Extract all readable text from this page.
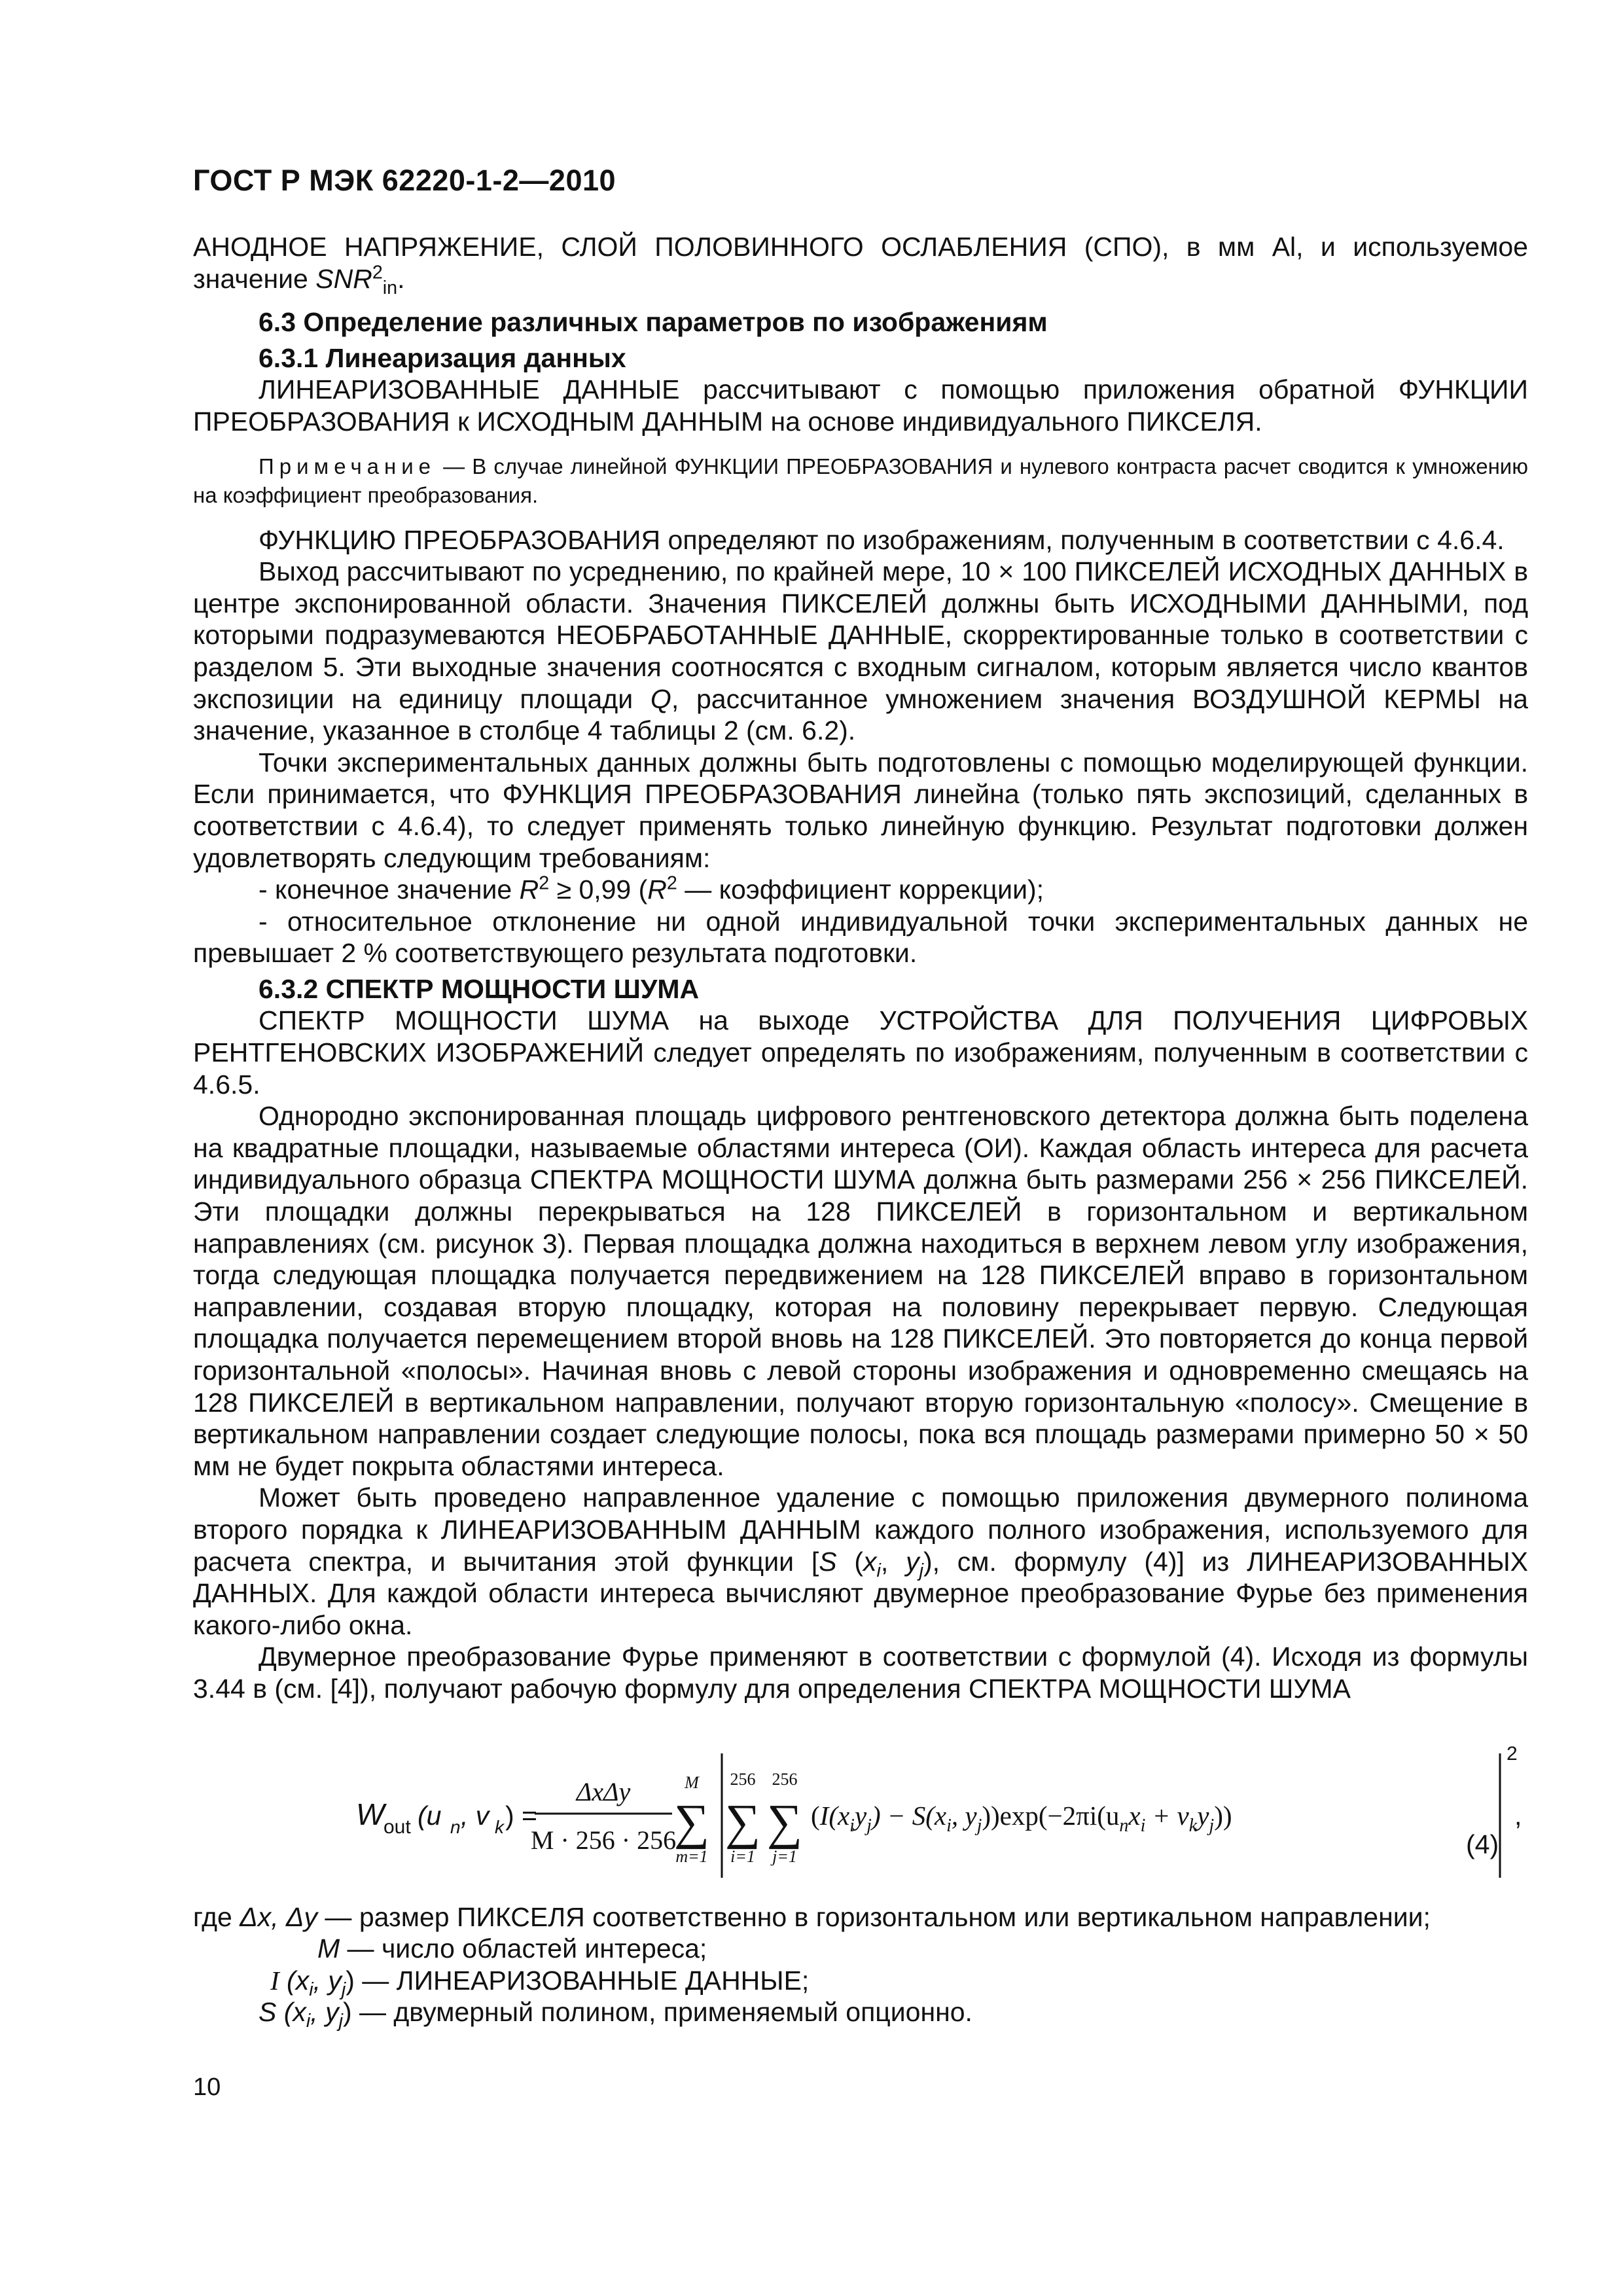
ГОСТ Р МЭК 62220-1-2—2010

АНОДНОЕ НАПРЯЖЕНИЕ, СЛОЙ ПОЛОВИННОГО ОСЛАБЛЕНИЯ (СПО), в мм Al, и используемое значение $SNR^2_{in}$.

6.3 Определение различных параметров по изображениям

6.3.1 Линеаризация данных

ЛИНЕАРИЗОВАННЫЕ ДАННЫЕ рассчитывают с помощью приложения обратной ФУНКЦИИ ПРЕОБРАЗОВАНИЯ к ИСХОДНЫМ ДАННЫМ на основе индивидуального ПИКСЕЛЯ.

Примечание — В случае линейной ФУНКЦИИ ПРЕОБРАЗОВАНИЯ и нулевого контраста расчет сводится к умножению на коэффициент преобразования.

ФУНКЦИЮ ПРЕОБРАЗОВАНИЯ определяют по изображениям, полученным в соответствии с 4.6.4.

Выход рассчитывают по усреднению, по крайней мере, 10 × 100 ПИКСЕЛЕЙ ИСХОДНЫХ ДАННЫХ в центре экспонированной области. Значения ПИКСЕЛЕЙ должны быть ИСХОДНЫМИ ДАННЫМИ, под которыми подразумеваются НЕОБРАБОТАННЫЕ ДАННЫЕ, скорректированные только в соответствии с разделом 5. Эти выходные значения соотносятся с входным сигналом, которым является число квантов экспозиции на единицу площади Q, рассчитанное умножением значения ВОЗДУШНОЙ КЕРМЫ на значение, указанное в столбце 4 таблицы 2 (см. 6.2).

Точки экспериментальных данных должны быть подготовлены с помощью моделирующей функции. Если принимается, что ФУНКЦИЯ ПРЕОБРАЗОВАНИЯ линейна (только пять экспозиций, сделанных в соответствии с 4.6.4), то следует применять только линейную функцию. Результат подготовки должен удовлетворять следующим требованиям:

- конечное значение $R^2 \ge 0,99$ ($R^2$ — коэффициент коррекции);

- относительное отклонение ни одной индивидуальной точки экспериментальных данных не превышает 2 % соответствующего результата подготовки.

6.3.2 СПЕКТР МОЩНОСТИ ШУМА

СПЕКТР МОЩНОСТИ ШУМА на выходе УСТРОЙСТВА ДЛЯ ПОЛУЧЕНИЯ ЦИФРОВЫХ РЕНТГЕНОВСКИХ ИЗОБРАЖЕНИЙ следует определять по изображениям, полученным в соответствии с 4.6.5.

Однородно экспонированная площадь цифрового рентгеновского детектора должна быть поделена на квадратные площадки, называемые областями интереса (ОИ). Каждая область интереса для расчета индивидуального образца СПЕКТРА МОЩНОСТИ ШУМА должна быть размерами 256 × 256 ПИКСЕЛЕЙ. Эти площадки должны перекрываться на 128 ПИКСЕЛЕЙ в горизонтальном и вертикальном направлениях (см. рисунок 3). Первая площадка должна находиться в верхнем левом углу изображения, тогда следующая площадка получается передвижением на 128 ПИКСЕЛЕЙ вправо в горизонтальном направлении, создавая вторую площадку, которая на половину перекрывает первую. Следующая площадка получается перемещением второй вновь на 128 ПИКСЕЛЕЙ. Это повторяется до конца первой горизонтальной «полосы». Начиная вновь с левой стороны изображения и одновременно смещаясь на 128 ПИКСЕЛЕЙ в вертикальном направлении, получают вторую горизонтальную «полосу». Смещение в вертикальном направлении создает следующие полосы, пока вся площадь размерами примерно 50 × 50 мм не будет покрыта областями интереса.

Может быть проведено направленное удаление с помощью приложения двумерного полинома второго порядка к ЛИНЕАРИЗОВАННЫМ ДАННЫМ каждого полного изображения, используемого для расчета спектра, и вычитания этой функции [S ($x_i$, $y_j$), см. формулу (4)] из ЛИНЕАРИЗОВАННЫХ ДАННЫХ. Для каждой области интереса вычисляют двумерное преобразование Фурье без применения какого-либо окна.

Двумерное преобразование Фурье применяют в соответствии с формулой (4). Исходя из формулы 3.44 в (см. [4]), получают рабочую формулу для определения СПЕКТРА МОЩНОСТИ ШУМА

W
out (u n , v k ) =
ΔxΔy
M · 256 · 256
M
∑
m=1
256
∑
i=1
256
∑
j=1
($I(x_iy_j) - S(x_i$, $y_j))\exp(-2\pi i(u_nx_i + v_ky_j))$
2
,

где Δx, Δy — размер ПИКСЕЛЯ соответственно в горизонтальном или вертикальном направлении;

M — число областей интереса;

I ($x_i$, $y_j$) — ЛИНЕАРИЗОВАННЫЕ ДАННЫЕ;

S ($x_i$, $y_j$) — двумерный полином, применяемый опционно.

10
(4)
